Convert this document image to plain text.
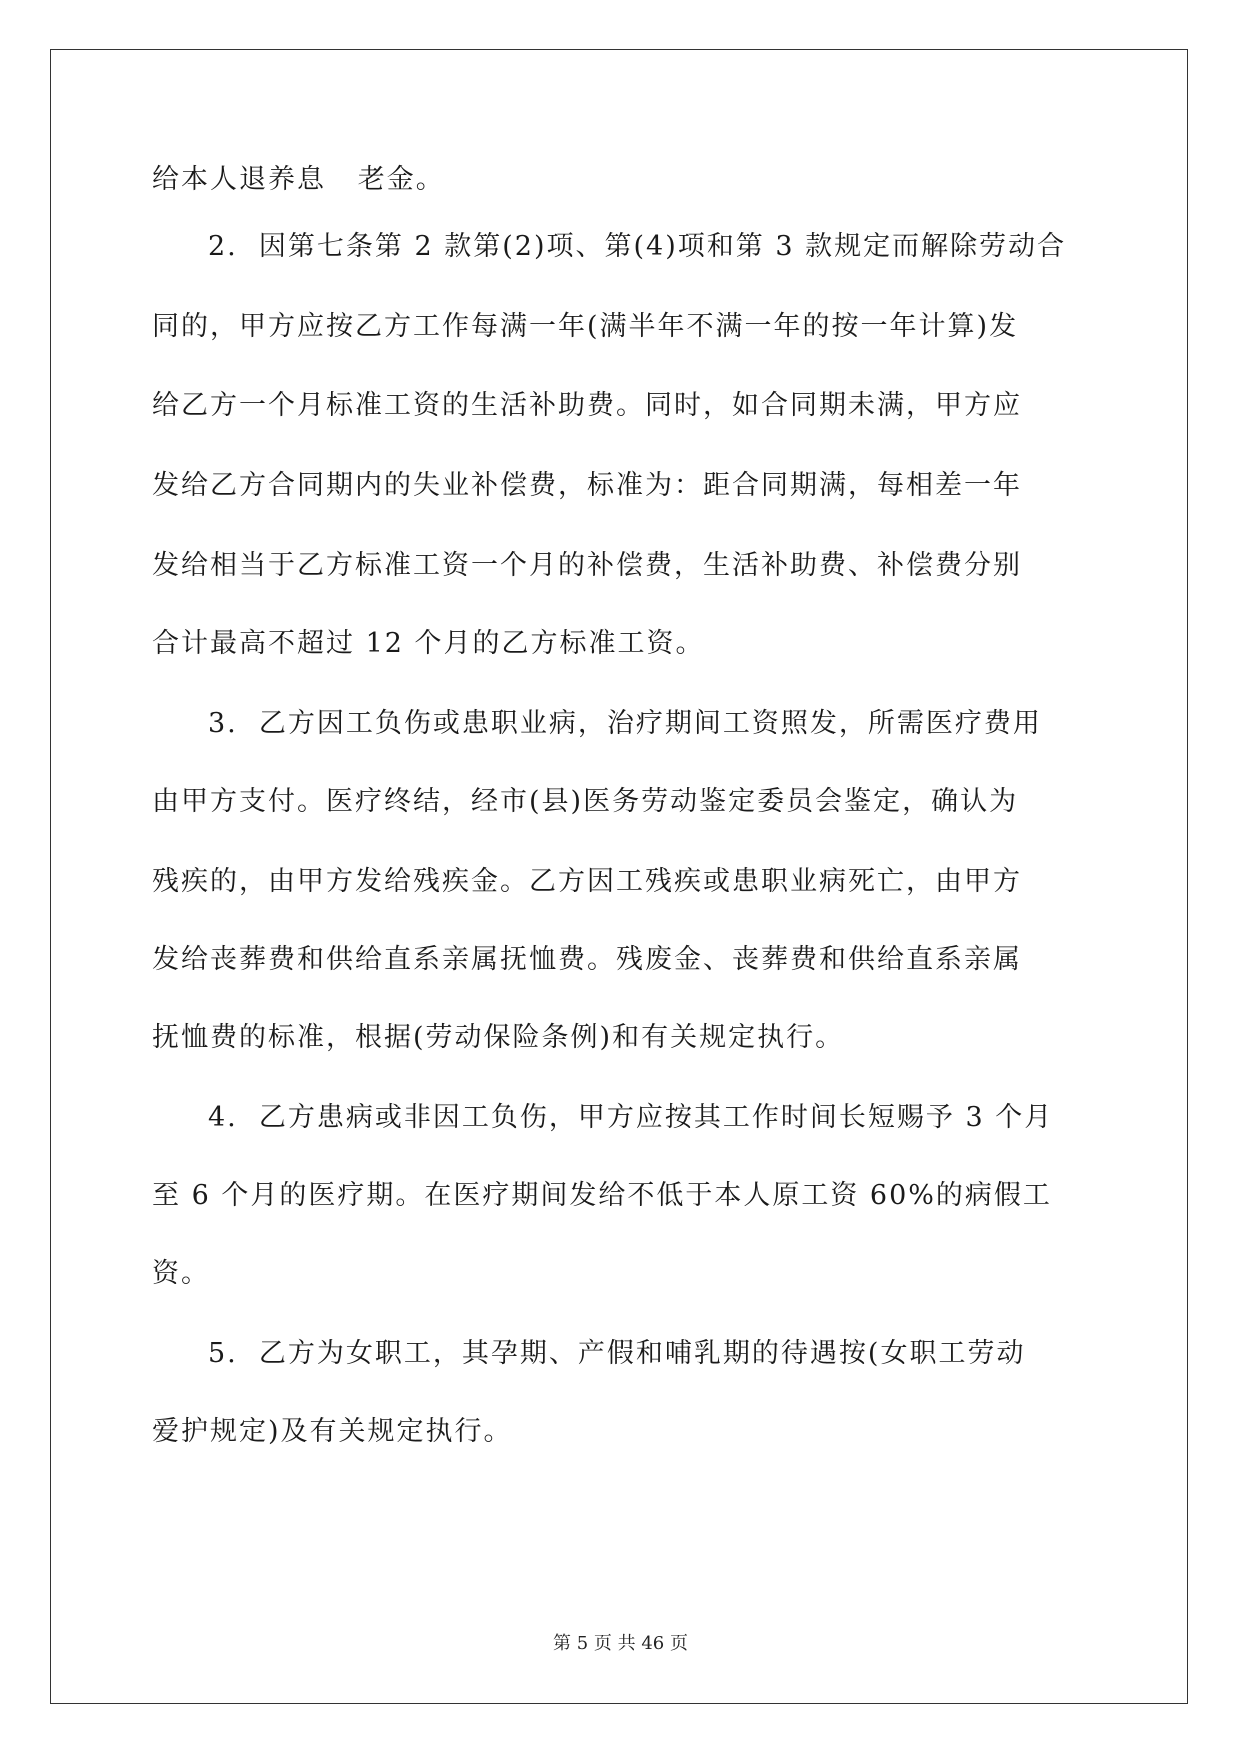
给本人退养息   老金。
2.  因第七条第 2 款第(2)项、第(4)项和第 3 款规定而解除劳动合
同的，甲方应按乙方工作每满一年(满半年不满一年的按一年计算)发
给乙方一个月标准工资的生活补助费。同时，如合同期未满，甲方应
发给乙方合同期内的失业补偿费，标准为：距合同期满，每相差一年
发给相当于乙方标准工资一个月的补偿费，生活补助费、补偿费分别
合计最高不超过 12 个月的乙方标准工资。
3.  乙方因工负伤或患职业病，治疗期间工资照发，所需医疗费用
由甲方支付。医疗终结，经市(县)医务劳动鉴定委员会鉴定，确认为
残疾的，由甲方发给残疾金。乙方因工残疾或患职业病死亡，由甲方
发给丧葬费和供给直系亲属抚恤费。残废金、丧葬费和供给直系亲属
抚恤费的标准，根据(劳动保险条例)和有关规定执行。
4.  乙方患病或非因工负伤，甲方应按其工作时间长短赐予 3 个月
至 6 个月的医疗期。在医疗期间发给不低于本人原工资 60%的病假工
资。
5.  乙方为女职工，其孕期、产假和哺乳期的待遇按(女职工劳动
爱护规定)及有关规定执行。
第 5 页 共 46 页
